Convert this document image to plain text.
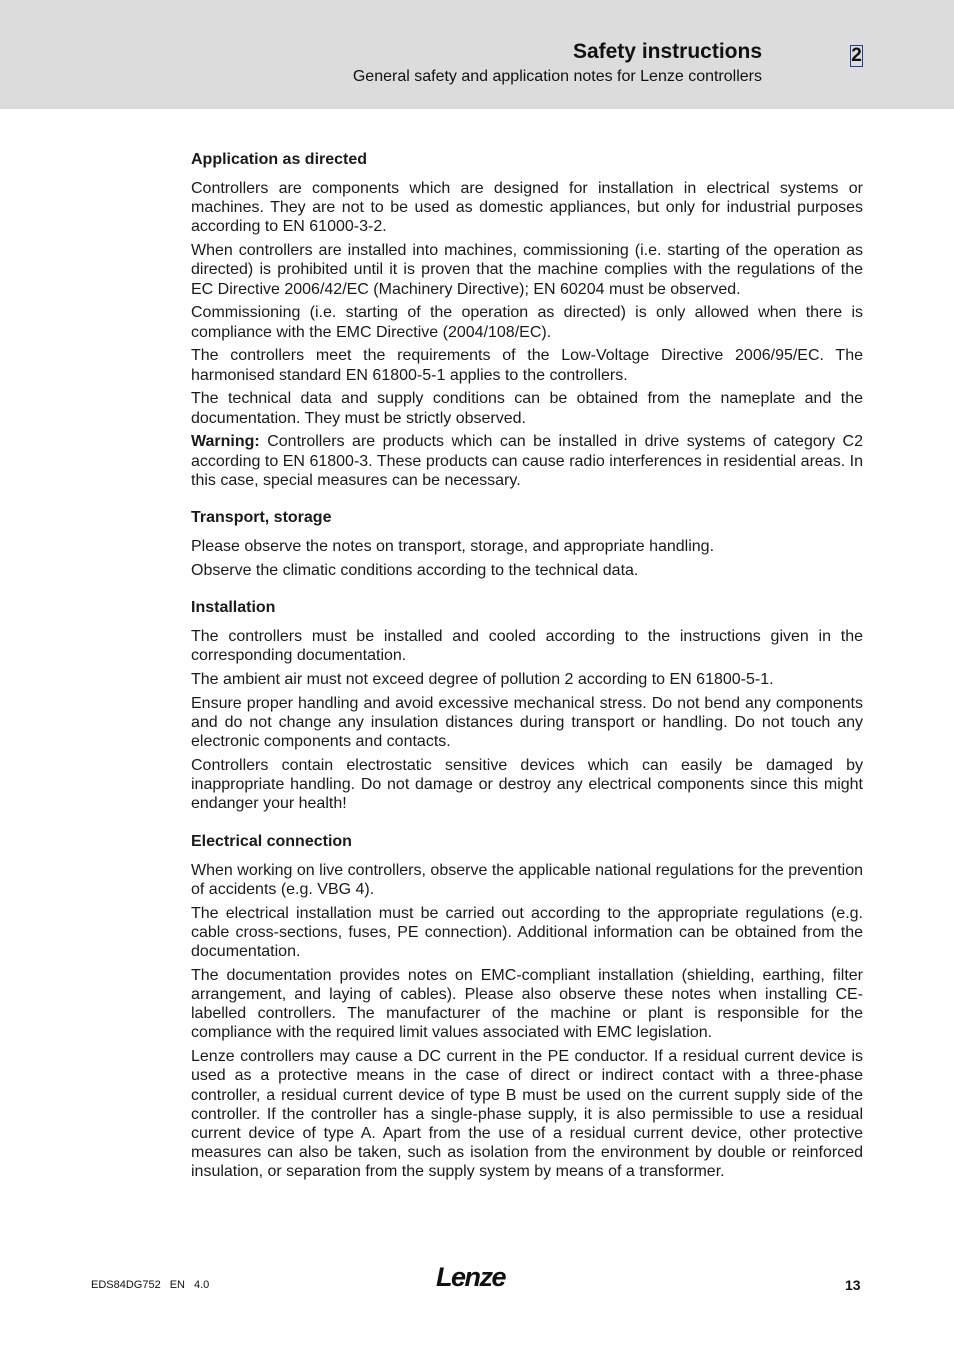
Safety instructions
General safety and application notes for Lenze controllers
2
Application as directed

Controllers are components which are designed for installation in electrical systems or machines. They are not to be used as domestic appliances, but only for industrial purposes according to EN 61000-3-2.

When controllers are installed into machines, commissioning (i.e. starting of the operation as directed) is prohibited until it is proven that the machine complies with the regulations of the EC Directive 2006/42/EC (Machinery Directive); EN 60204 must be observed.

Commissioning (i.e. starting of the operation as directed) is only allowed when there is compliance with the EMC Directive (2004/108/EC).

The controllers meet the requirements of the Low-Voltage Directive 2006/95/EC. The harmonised standard EN 61800-5-1 applies to the controllers.

The technical data and supply conditions can be obtained from the nameplate and the documentation. They must be strictly observed.

Warning: Controllers are products which can be installed in drive systems of category C2 according to EN 61800-3. These products can cause radio interferences in residential areas. In this case, special measures can be necessary.

Transport, storage

Please observe the notes on transport, storage, and appropriate handling.

Observe the climatic conditions according to the technical data.

Installation

The controllers must be installed and cooled according to the instructions given in the corresponding documentation.

The ambient air must not exceed degree of pollution 2 according to EN 61800-5-1.

Ensure proper handling and avoid excessive mechanical stress. Do not bend any components and do not change any insulation distances during transport or handling. Do not touch any electronic components and contacts.

Controllers contain electrostatic sensitive devices which can easily be damaged by inappropriate handling. Do not damage or destroy any electrical components since this might endanger your health!

Electrical connection

When working on live controllers, observe the applicable national regulations for the prevention of accidents (e.g. VBG 4).

The electrical installation must be carried out according to the appropriate regulations (e.g. cable cross-sections, fuses, PE connection). Additional information can be obtained from the documentation.

The documentation provides notes on EMC-compliant installation (shielding, earthing, filter arrangement, and laying of cables). Please also observe these notes when installing CE-labelled controllers. The manufacturer of the machine or plant is responsible for the compliance with the required limit values associated with EMC legislation.

Lenze controllers may cause a DC current in the PE conductor. If a residual current device is used as a protective means in the case of direct or indirect contact with a three-phase controller, a residual current device of type B must be used on the current supply side of the controller. If the controller has a single-phase supply, it is also permissible to use a residual current device of type A. Apart from the use of a residual current device, other protective measures can also be taken, such as isolation from the environment by double or reinforced insulation, or separation from the supply system by means of a transformer.

EDS84DG752 EN 4.0	Lenze	13
